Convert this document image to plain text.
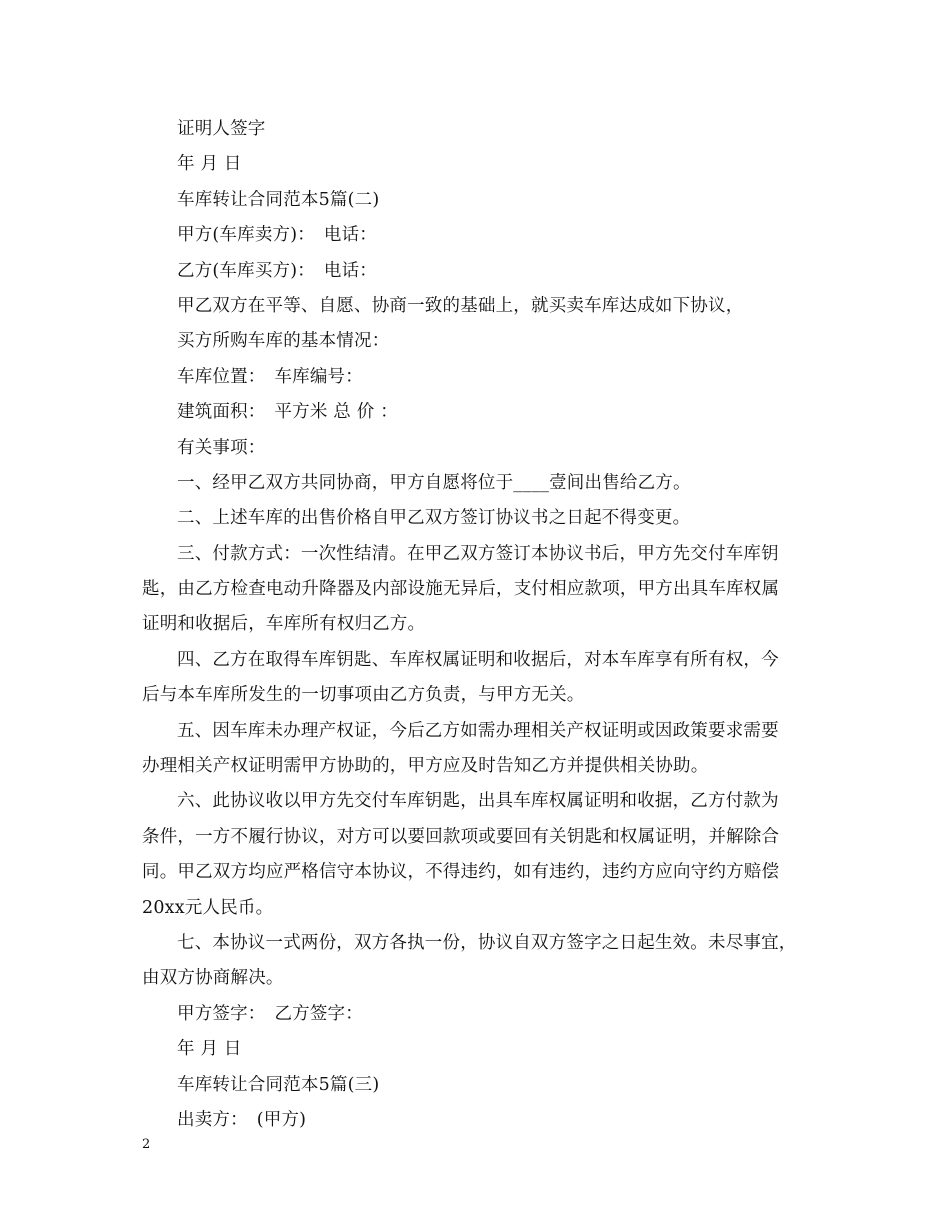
证明人签字
年 月 日
车库转让合同范本5篇(二)
甲方(车库卖方)：　电话：
乙方(车库买方)：　电话：
甲乙双方在平等、自愿、协商一致的基础上，就买卖车库达成如下协议，
买方所购车库的基本情况：
车库位置：　车库编号：
建筑面积：　平方米 总 价 ：
有关事项：
一、经甲乙双方共同协商，甲方自愿将位于____壹间出售给乙方。
二、上述车库的出售价格自甲乙双方签订协议书之日起不得变更。
三、付款方式：一次性结清。在甲乙双方签订本协议书后，甲方先交付车库钥
匙，由乙方检查电动升降器及内部设施无异后，支付相应款项，甲方出具车库权属
证明和收据后，车库所有权归乙方。
四、乙方在取得车库钥匙、车库权属证明和收据后，对本车库享有所有权，今
后与本车库所发生的一切事项由乙方负责，与甲方无关。
五、因车库未办理产权证，今后乙方如需办理相关产权证明或因政策要求需要
办理相关产权证明需甲方协助的，甲方应及时告知乙方并提供相关协助。
六、此协议收以甲方先交付车库钥匙，出具车库权属证明和收据，乙方付款为
条件，一方不履行协议，对方可以要回款项或要回有关钥匙和权属证明，并解除合
同。甲乙双方均应严格信守本协议，不得违约，如有违约，违约方应向守约方赔偿
20xx元人民币。
七、本协议一式两份，双方各执一份，协议自双方签字之日起生效。未尽事宜，
由双方协商解决。
甲方签字：　乙方签字：
年 月 日
车库转让合同范本5篇(三)
出卖方：　(甲方)
2
